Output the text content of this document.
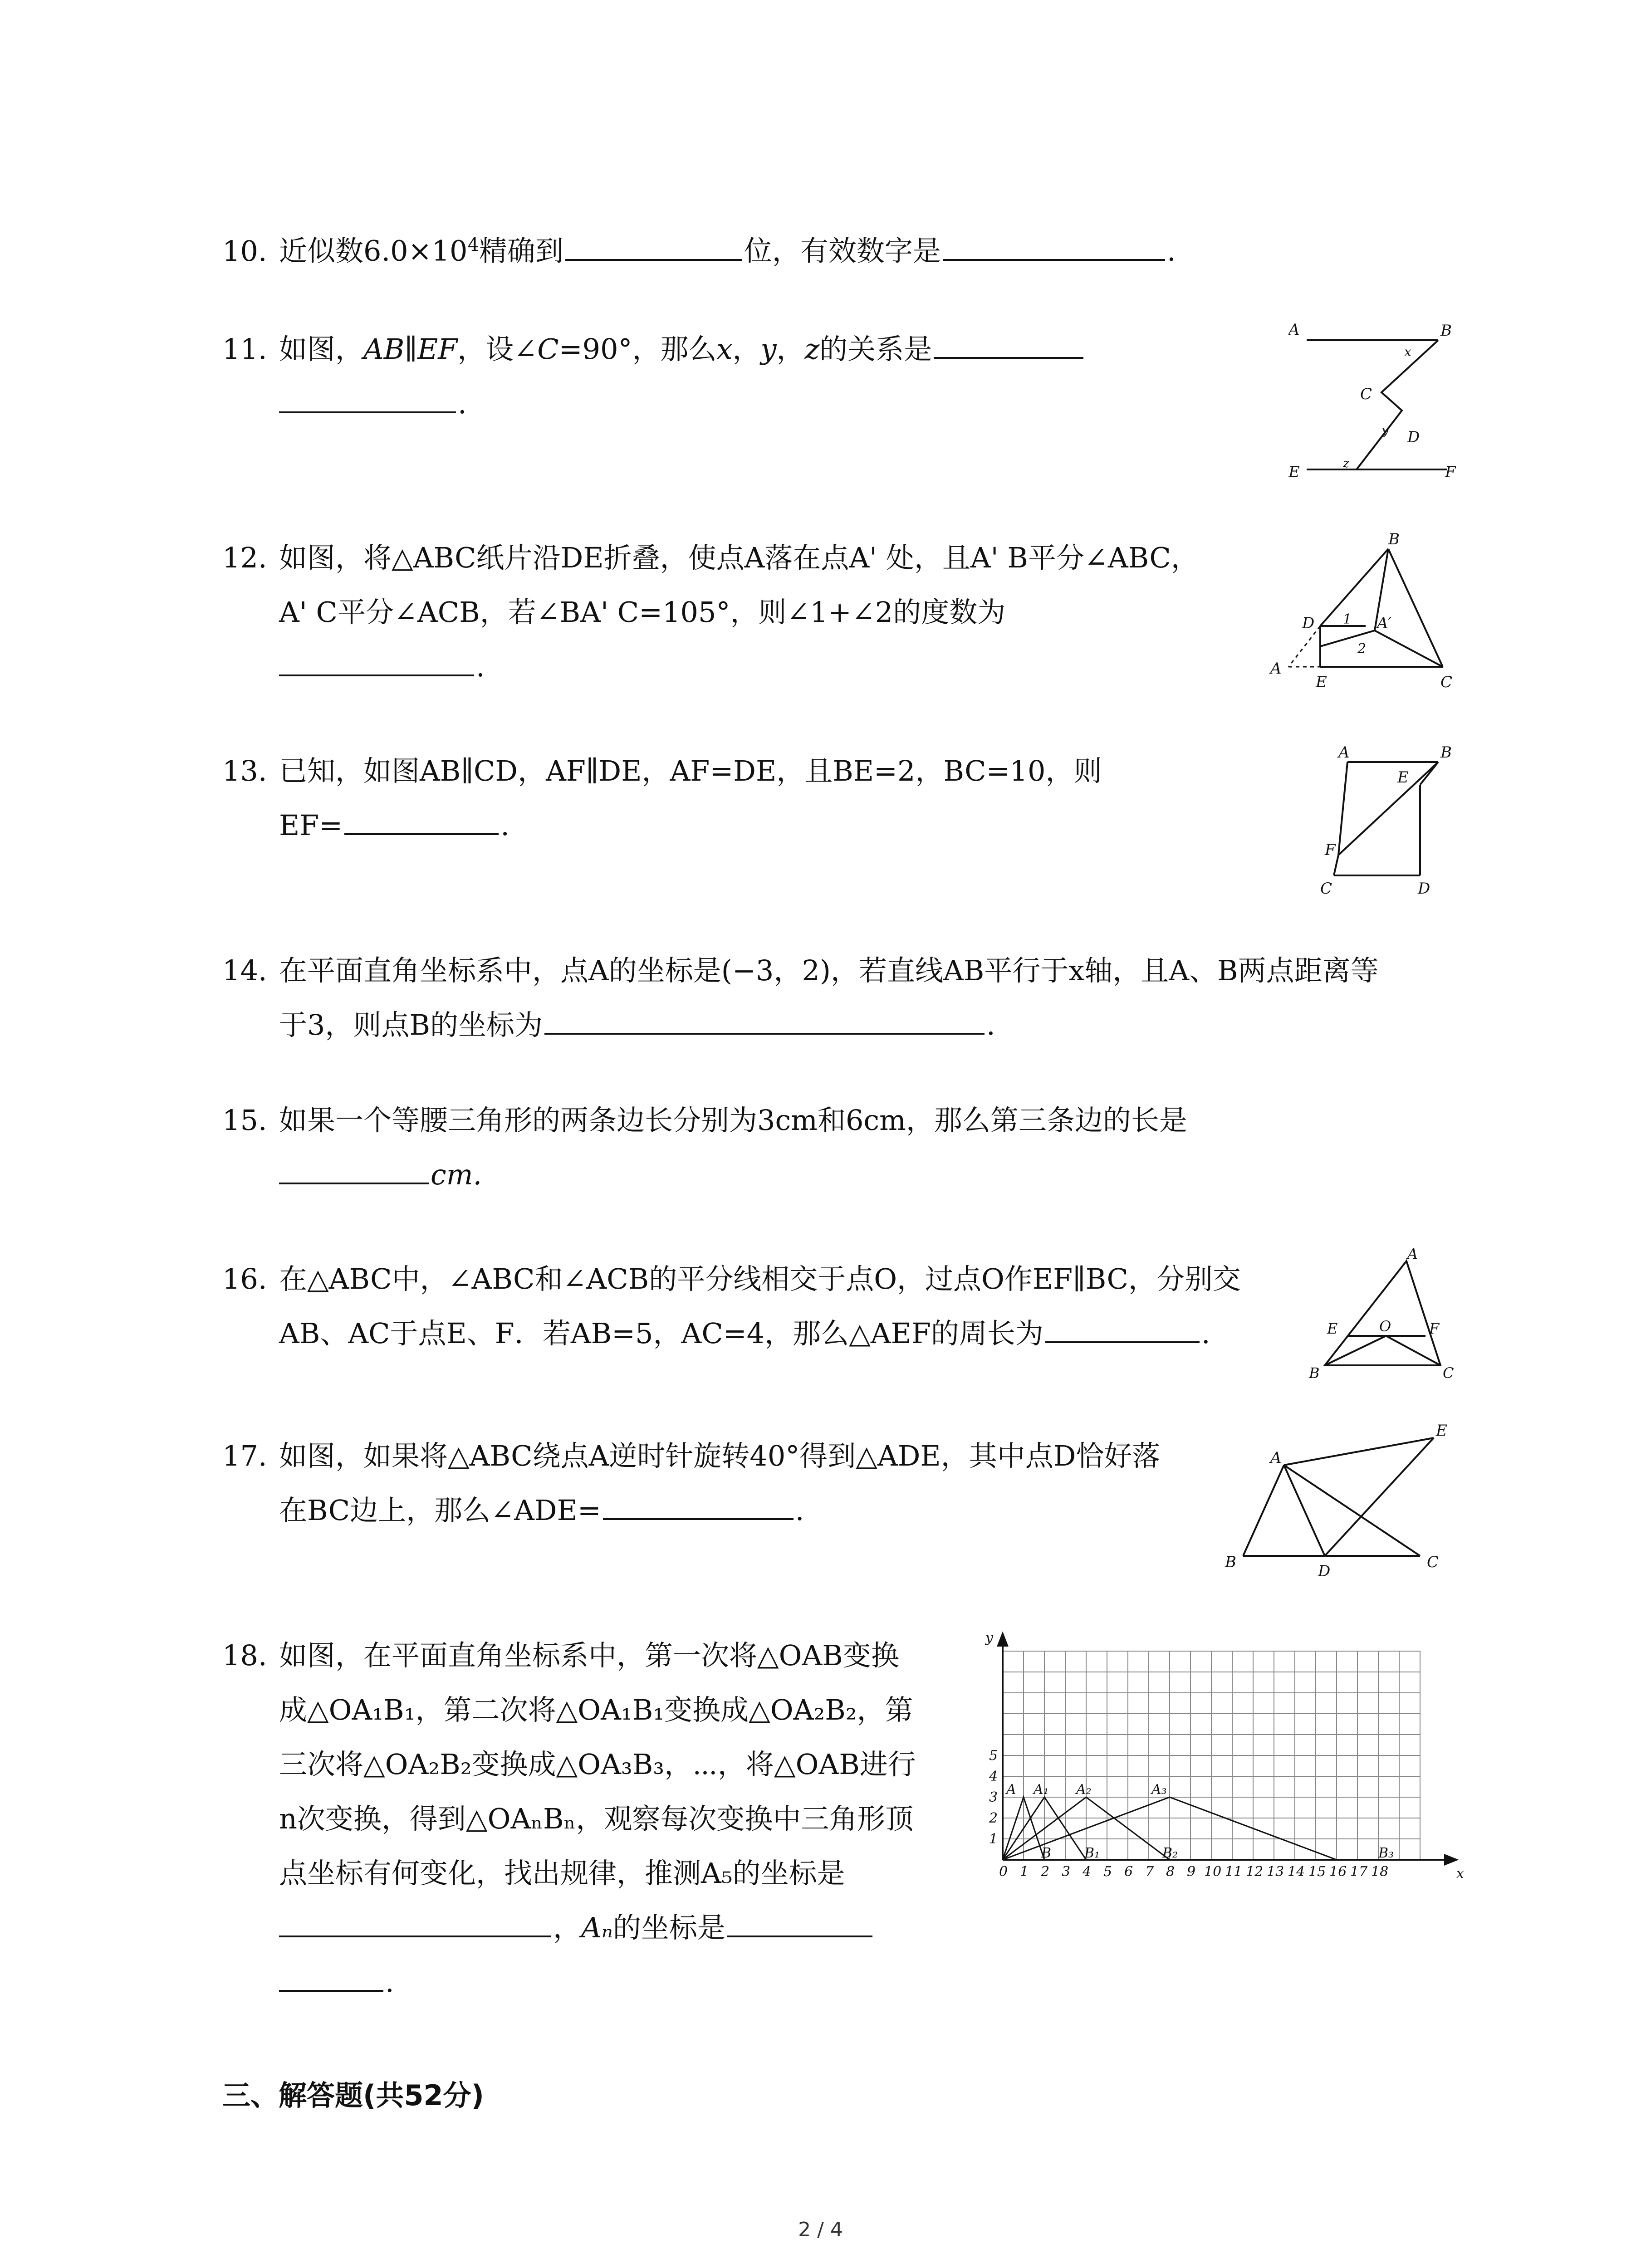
10. 近似数$6.0\times 10^4$精确到	位，有效数字是	.
11. 如图，AB∥EF，设∠C=90°，那么x，y，z的关系是
.
A	B
C
D
E	F
x
y
z
12. 如图，将△ABC纸片沿DE折叠，使点A落在点A' 处，且A' B平分∠ABC，
A' C平分∠ACB，若∠BA' C=105°，则∠1+∠2的度数为
.
B
D	A′
A
E	C
1
2
13. 已知，如图AB∥CD，AF∥DE，AF=DE，且BE=2，BC=10，则
EF=	.
A	B
E
F
C	D
14. 在平面直角坐标系中，点A的坐标是(−3，2)，若直线AB平行于x轴，且A、B两点距离等
于3，则点B的坐标为	.
15. 如果一个等腰三角形的两条边长分别为3cm和6cm，那么第三条边的长是
cm.
16. 在△ABC中，∠ABC和∠ACB的平分线相交于点O，过点O作EF∥BC，分别交
AB、AC于点E、F．若AB=5，AC=4，那么△AEF的周长为	.
A
E	O	F
B	C
17. 如图，如果将△ABC绕点A逆时针旋转40°得到△ADE，其中点D恰好落
在BC边上，那么∠ADE=	.
A
E
B	D	C
18. 如图，在平面直角坐标系中，第一次将△OAB变换
成△OA₁B₁，第二次将△OA₁B₁变换成△OA₂B₂，第
三次将△OA₂B₂变换成△OA₃B₃，⋯，将△OAB进行
n次变换，得到△OAₙBₙ，观察每次变换中三角形顶
点坐标有何变化，找出规律，推测A₅的坐标是
，Aₙ的坐标是
.
0 1 2 3 4 5 6 7 8 9 10 11 12 13 14 15 16 17 18
1
2
3
4
5
x
y
A A₁ A₂	A₃
B B₁	B₂	B₃
三、解答题(共52分)
2 / 4
